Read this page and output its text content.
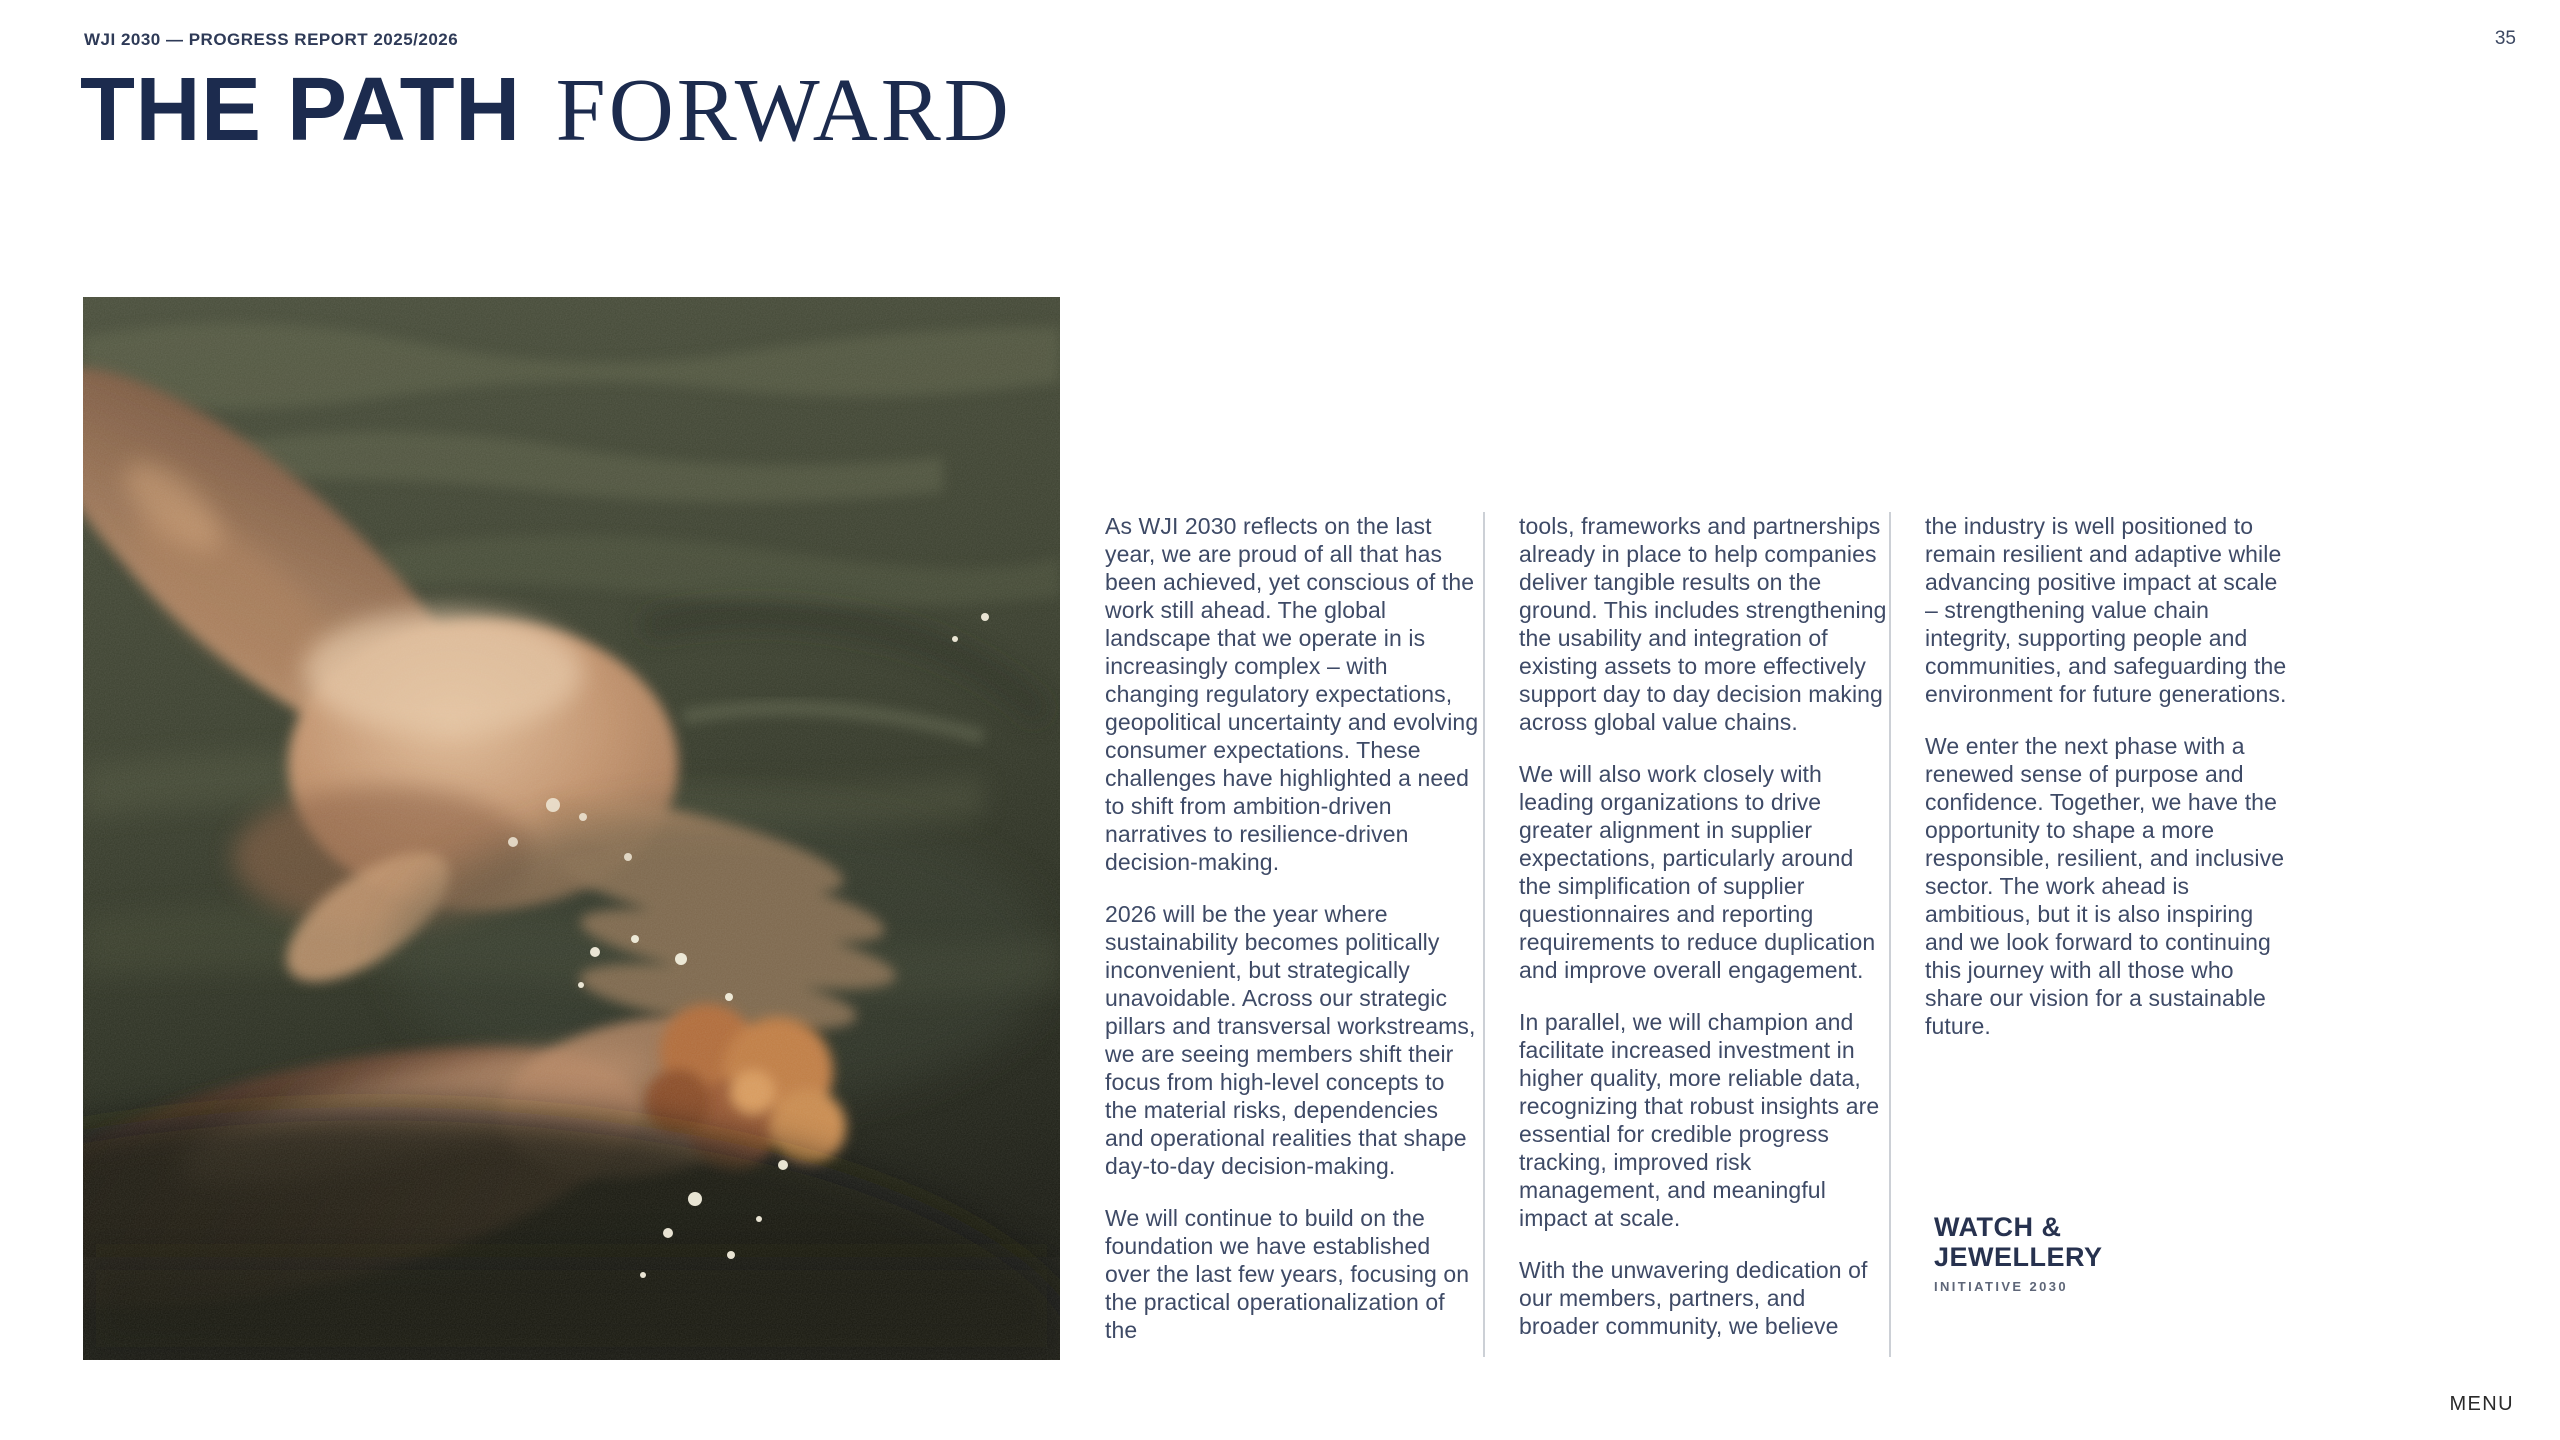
WJI 2030 — PROGRESS REPORT 2025/2026	35
THE PATH FORWARD

As WJI 2030 reflects on the last year, we are proud of all that has been achieved, yet conscious of the work still ahead. The global landscape that we operate in is increasingly complex – with changing regulatory expectations, geopolitical uncertainty and evolving consumer expectations. These challenges have highlighted a need to shift from ambition-driven narratives to resilience-driven decision-making.

2026 will be the year where sustainability becomes politically inconvenient, but strategically unavoidable. Across our strategic pillars and transversal workstreams, we are seeing members shift their focus from high-level concepts to the material risks, dependencies and operational realities that shape day-to-day decision-making.

We will continue to build on the foundation we have established over the last few years, focusing on the practical operationalization of the

tools, frameworks and partnerships already in place to help companies deliver tangible results on the ground. This includes strengthening the usability and integration of existing assets to more effectively support day to day decision making across global value chains.

We will also work closely with leading organizations to drive greater alignment in supplier expectations, particularly around the simplification of supplier questionnaires and reporting requirements to reduce duplication and improve overall engagement.

In parallel, we will champion and facilitate increased investment in higher quality, more reliable data, recognizing that robust insights are essential for credible progress tracking, improved risk management, and meaningful impact at scale.

With the unwavering dedication of our members, partners, and broader community, we believe

the industry is well positioned to remain resilient and adaptive while advancing positive impact at scale – strengthening value chain integrity, supporting people and communities, and safeguarding the environment for future generations.

We enter the next phase with a renewed sense of purpose and confidence. Together, we have the opportunity to shape a more responsible, resilient, and inclusive sector. The work ahead is ambitious, but it is also inspiring and we look forward to continuing this journey with all those who share our vision for a sustainable future.

WATCH &
JEWELLERY
INITIATIVE 2030
MENU
